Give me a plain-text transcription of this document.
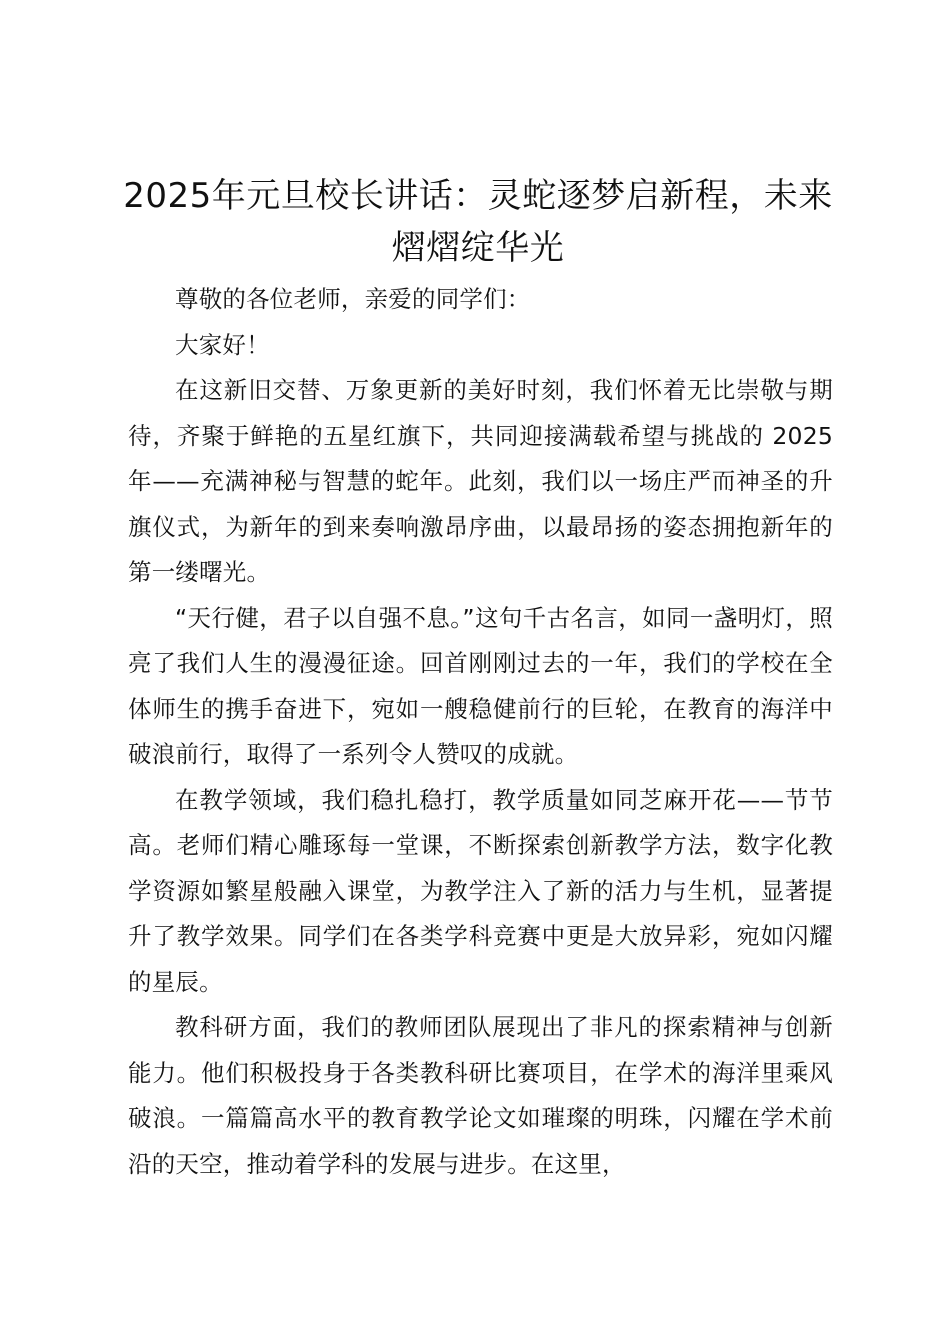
2025年元旦校长讲话：灵蛇逐梦启新程，未来熠熠绽华光

尊敬的各位老师，亲爱的同学们：

大家好！

在这新旧交替、万象更新的美好时刻，我们怀着无比崇敬与期待，齐聚于鲜艳的五星红旗下，共同迎接满载希望与挑战的 2025 年——充满神秘与智慧的蛇年。此刻，我们以一场庄严而神圣的升旗仪式，为新年的到来奏响激昂序曲，以最昂扬的姿态拥抱新年的第一缕曙光。

“天行健，君子以自强不息。”这句千古名言，如同一盏明灯，照亮了我们人生的漫漫征途。回首刚刚过去的一年，我们的学校在全体师生的携手奋进下，宛如一艘稳健前行的巨轮，在教育的海洋中破浪前行，取得了一系列令人赞叹的成就。

在教学领域，我们稳扎稳打，教学质量如同芝麻开花——节节高。老师们精心雕琢每一堂课，不断探索创新教学方法，数字化教学资源如繁星般融入课堂，为教学注入了新的活力与生机，显著提升了教学效果。同学们在各类学科竞赛中更是大放异彩，宛如闪耀的星辰。

教科研方面，我们的教师团队展现出了非凡的探索精神与创新能力。他们积极投身于各类教科研比赛项目，在学术的海洋里乘风破浪。一篇篇高水平的教育教学论文如璀璨的明珠，闪耀在学术前沿的天空，推动着学科的发展与进步。在这里，
